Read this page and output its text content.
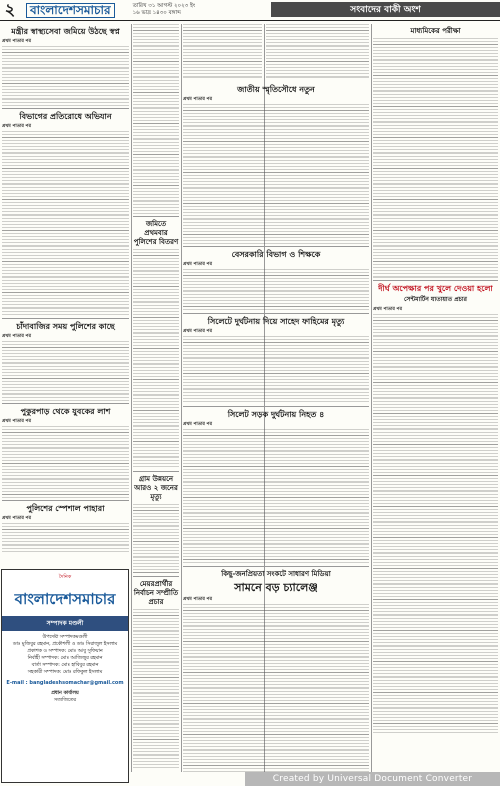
২	বাংলাদেশসমাচার	তারিখ ৩১ আগস্ট ২০২৩ ইং
১৬ ভাদ্র ১৪৩০ বঙ্গাব্দ	সংবাদের বাকী অংশ
মন্ত্রীর স্বাস্থ্যসেবা জমিয়ে উঠছে স্বপ্ন
প্রথম পাতার পর
বিভাগের প্রতিরোধে অভিযান
প্রথম পাতার পর
চাঁদাবাজির সময় পুলিশের কাছে
প্রথম পাতার পর
পুকুরপাড় থেকে যুবকের লাশ
প্রথম পাতার পর
পুলিশের স্পেশাল পাহারা
প্রথম পাতার পর
দৈনিক
বাংলাদেশসমাচার
সম্পাদক মণ্ডলী
উপদেষ্টা সম্পাদকমণ্ডলী
ডাঃ মুজিবুর রহমান, প্রকৌশলী ও ডাঃ সিরাজুল ইসলাম
প্রকাশক ও সম্পাদক: মোঃ আবু সুফিয়ান
নির্বাহী সম্পাদক: মোঃ আজিজুর রহমান
বার্তা সম্পাদক: মোঃ হাবিবুর রহমান
সহকারী সম্পাদক: মোঃ রফিকুল ইসলাম
E-mail : bangladeshsomachar@gmail.com
প্রধান কার্যালয়
সত্যজিতের
জমিতে প্রথমবার পুলিশের বিতরণ
গ্রাম উন্নয়নে আরও ২ জনের মৃত্যু
মেয়রপ্রার্থীর নির্বাচন সম্প্রীতি প্রচার
জাতীয় স্মৃতিসৌধে নতুন
প্রথম পাতার পর
বেসরকারি বিভাগ ও শিক্ষকে
প্রথম পাতার পর
সিলেটে দুর্ঘটনায় দিয়ে সাহেদ ফাহিমের মৃত্যু
প্রথম পাতার পর
সিলেট সড়ক দুর্ঘটনায় নিহত ৪
প্রথম পাতার পর
কিছু-জনপ্রিয়তা সংকটে সাধারণ মিডিয়া
সামনে বড় চ্যালেঞ্জ
প্রথম পাতার পর
মাধ্যমিকের পরীক্ষা
দীর্ঘ অপেক্ষার পর খুলে দেওয়া হলো
সেন্টমার্টিন যাতায়াত প্রচার
প্রথম পাতার পর
Created by Universal Document Converter
